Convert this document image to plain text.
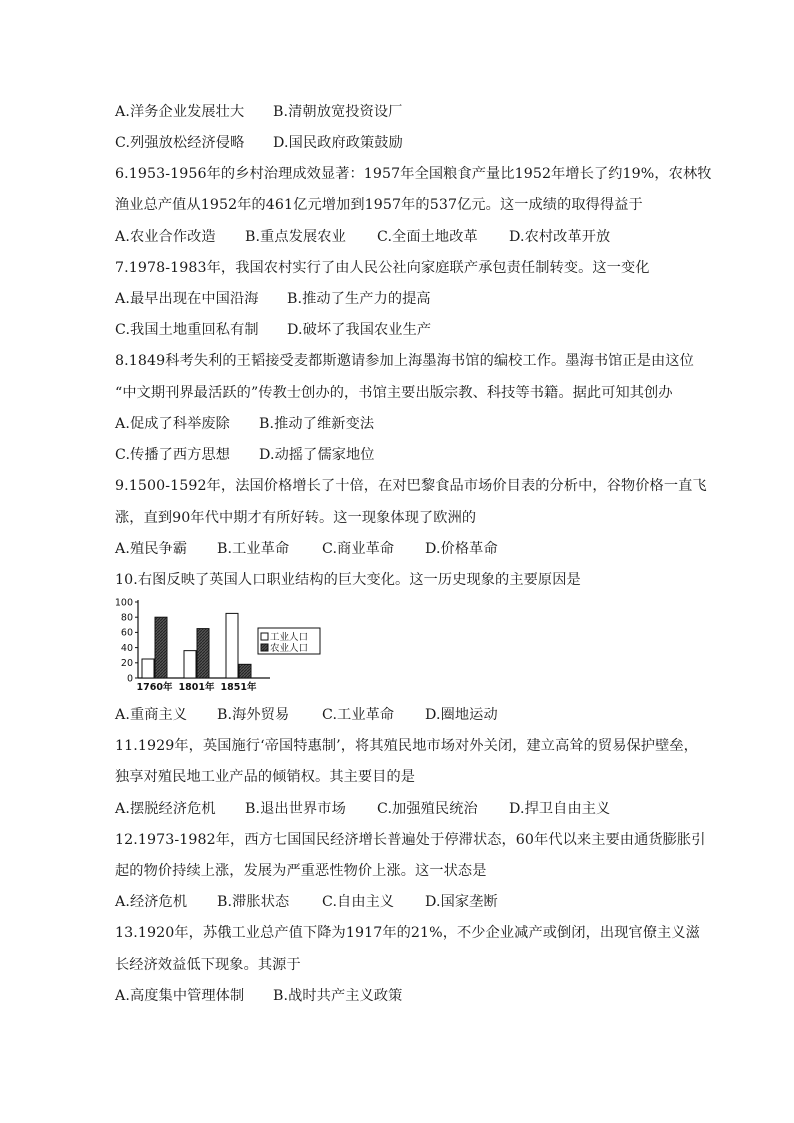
A.洋务企业发展壮大 B.清朝放宽投资设厂
C.列强放松经济侵略 D.国民政府政策鼓励
6.1953-1956年的乡村治理成效显著：1957年全国粮食产量比1952年增长了约19%，农林牧
渔业总产值从1952年的461亿元增加到1957年的537亿元。这一成绩的取得得益于
A.农业合作改造 B.重点发展农业 C.全面土地改革 D.农村改革开放
7.1978-1983年，我国农村实行了由人民公社向家庭联产承包责任制转变。这一变化
A.最早出现在中国沿海 B.推动了生产力的提高
C.我国土地重回私有制 D.破坏了我国农业生产
8.1849科考失利的王韬接受麦都斯邀请参加上海墨海书馆的编校工作。墨海书馆正是由这位
“中文期刊界最活跃的”传教士创办的，书馆主要出版宗教、科技等书籍。据此可知其创办
A.促成了科举废除 B.推动了维新变法
C.传播了西方思想 D.动摇了儒家地位
9.1500-1592年，法国价格增长了十倍，在对巴黎食品市场价目表的分析中，谷物价格一直飞
涨，直到90年代中期才有所好转。这一现象体现了欧洲的
A.殖民争霸 B.工业革命 C.商业革命 D.价格革命
10.右图反映了英国人口职业结构的巨大变化。这一历史现象的主要原因是
0
20
40
60
80
100
1760年 1801年 1851年
工业人口
农业人口
A.重商主义 B.海外贸易 C.工业革命 D.圈地运动
11.1929年，英国施行‘帝国特惠制’，将其殖民地市场对外关闭，建立高耸的贸易保护壁垒，
独享对殖民地工业产品的倾销权。其主要目的是
A.摆脱经济危机 B.退出世界市场 C.加强殖民统治 D.捍卫自由主义
12.1973-1982年，西方七国国民经济增长普遍处于停滞状态，60年代以来主要由通货膨胀引
起的物价持续上涨，发展为严重恶性物价上涨。这一状态是
A.经济危机 B.滞胀状态 C.自由主义 D.国家垄断
13.1920年，苏俄工业总产值下降为1917年的21%，不少企业减产或倒闭，出现官僚主义滋
长经济效益低下现象。其源于
A.高度集中管理体制 B.战时共产主义政策
